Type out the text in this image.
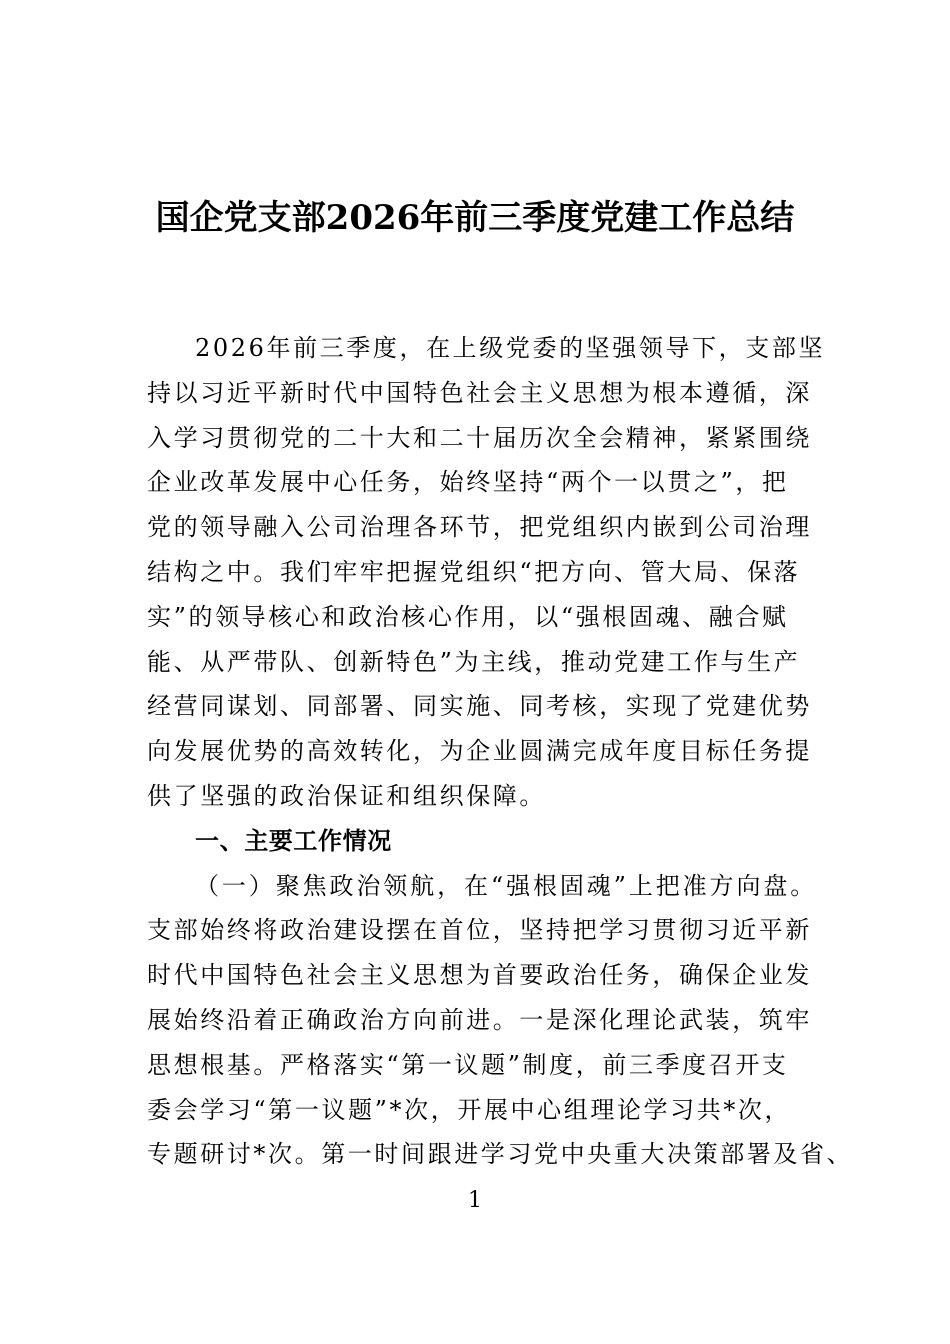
国企党支部2026年前三季度党建工作总结

2026年前三季度，在上级党委的坚强领导下，支部坚

持以习近平新时代中国特色社会主义思想为根本遵循，深

入学习贯彻党的二十大和二十届历次全会精神，紧紧围绕

企业改革发展中心任务，始终坚持“两个一以贯之”，把

党的领导融入公司治理各环节，把党组织内嵌到公司治理

结构之中。我们牢牢把握党组织“把方向、管大局、保落

实”的领导核心和政治核心作用，以“强根固魂、融合赋

能、从严带队、创新特色”为主线，推动党建工作与生产

经营同谋划、同部署、同实施、同考核，实现了党建优势

向发展优势的高效转化，为企业圆满完成年度目标任务提

供了坚强的政治保证和组织保障。

一、主要工作情况

（一）聚焦政治领航，在“强根固魂”上把准方向盘。

支部始终将政治建设摆在首位，坚持把学习贯彻习近平新

时代中国特色社会主义思想为首要政治任务，确保企业发

展始终沿着正确政治方向前进。一是深化理论武装，筑牢

思想根基。严格落实“第一议题”制度，前三季度召开支

委会学习“第一议题”*次，开展中心组理论学习共*次，

专题研讨*次。第一时间跟进学习党中央重大决策部署及省、

1
